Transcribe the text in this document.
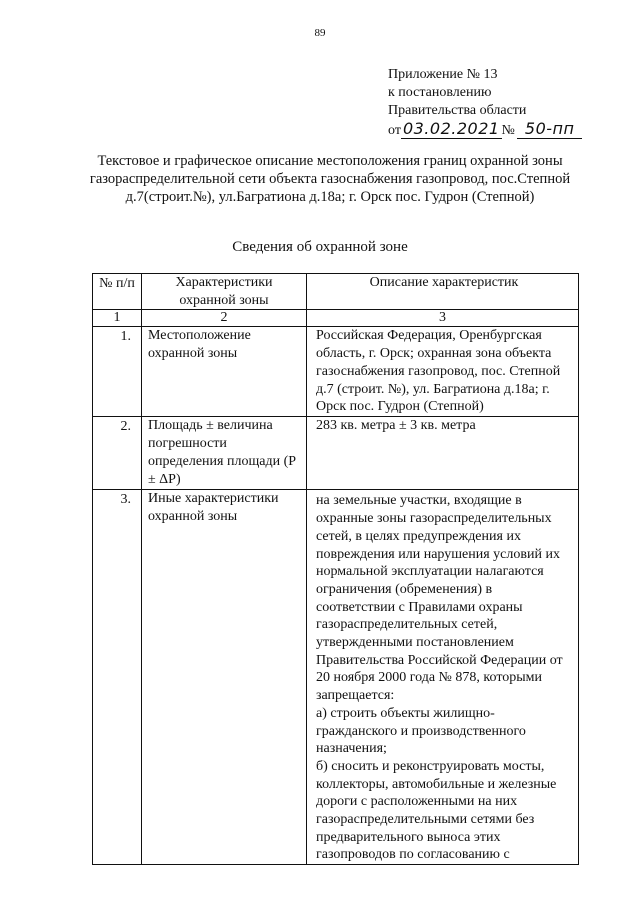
89
Приложение № 13
к постановлению
Правительства области
от 03.02.2021 № 50-пп
Текстовое и графическое описание местоположения границ охранной зоны газораспределительной сети объекта газоснабжения газопровод, пос.Степной д.7(строит.№), ул.Багратиона д.18а; г. Орск пос. Гудрон (Степной)
Сведения об охранной зоне
№ п/п	Характеристики охранной зоны	Описание характеристик
1	2	3
1.	Местоположение охранной зоны	Российская Федерация, Оренбургская область, г. Орск; охранная зона объекта газоснабжения газопровод, пос. Степной д.7 (строит. №), ул. Багратиона д.18а; г. Орск пос. Гудрон (Степной)
2.	Площадь ± величина погрешности определения площади (Р ± ΔР)	283 кв. метра ± 3 кв. метра
3.	Иные характеристики охранной зоны	на земельные участки, входящие в охранные зоны газораспределительных сетей, в целях предупреждения их повреждения или нарушения условий их нормальной эксплуатации налагаются ограничения (обременения) в соответствии с Правилами охраны газораспределительных сетей, утвержденными постановлением Правительства Российской Федерации от 20 ноября 2000 года № 878, которыми запрещается:
а) строить объекты жилищно-гражданского и производственного назначения;
б) сносить и реконструировать мосты, коллекторы, автомобильные и железные дороги с расположенными на них газораспределительными сетями без предварительного выноса этих газопроводов по согласованию с
